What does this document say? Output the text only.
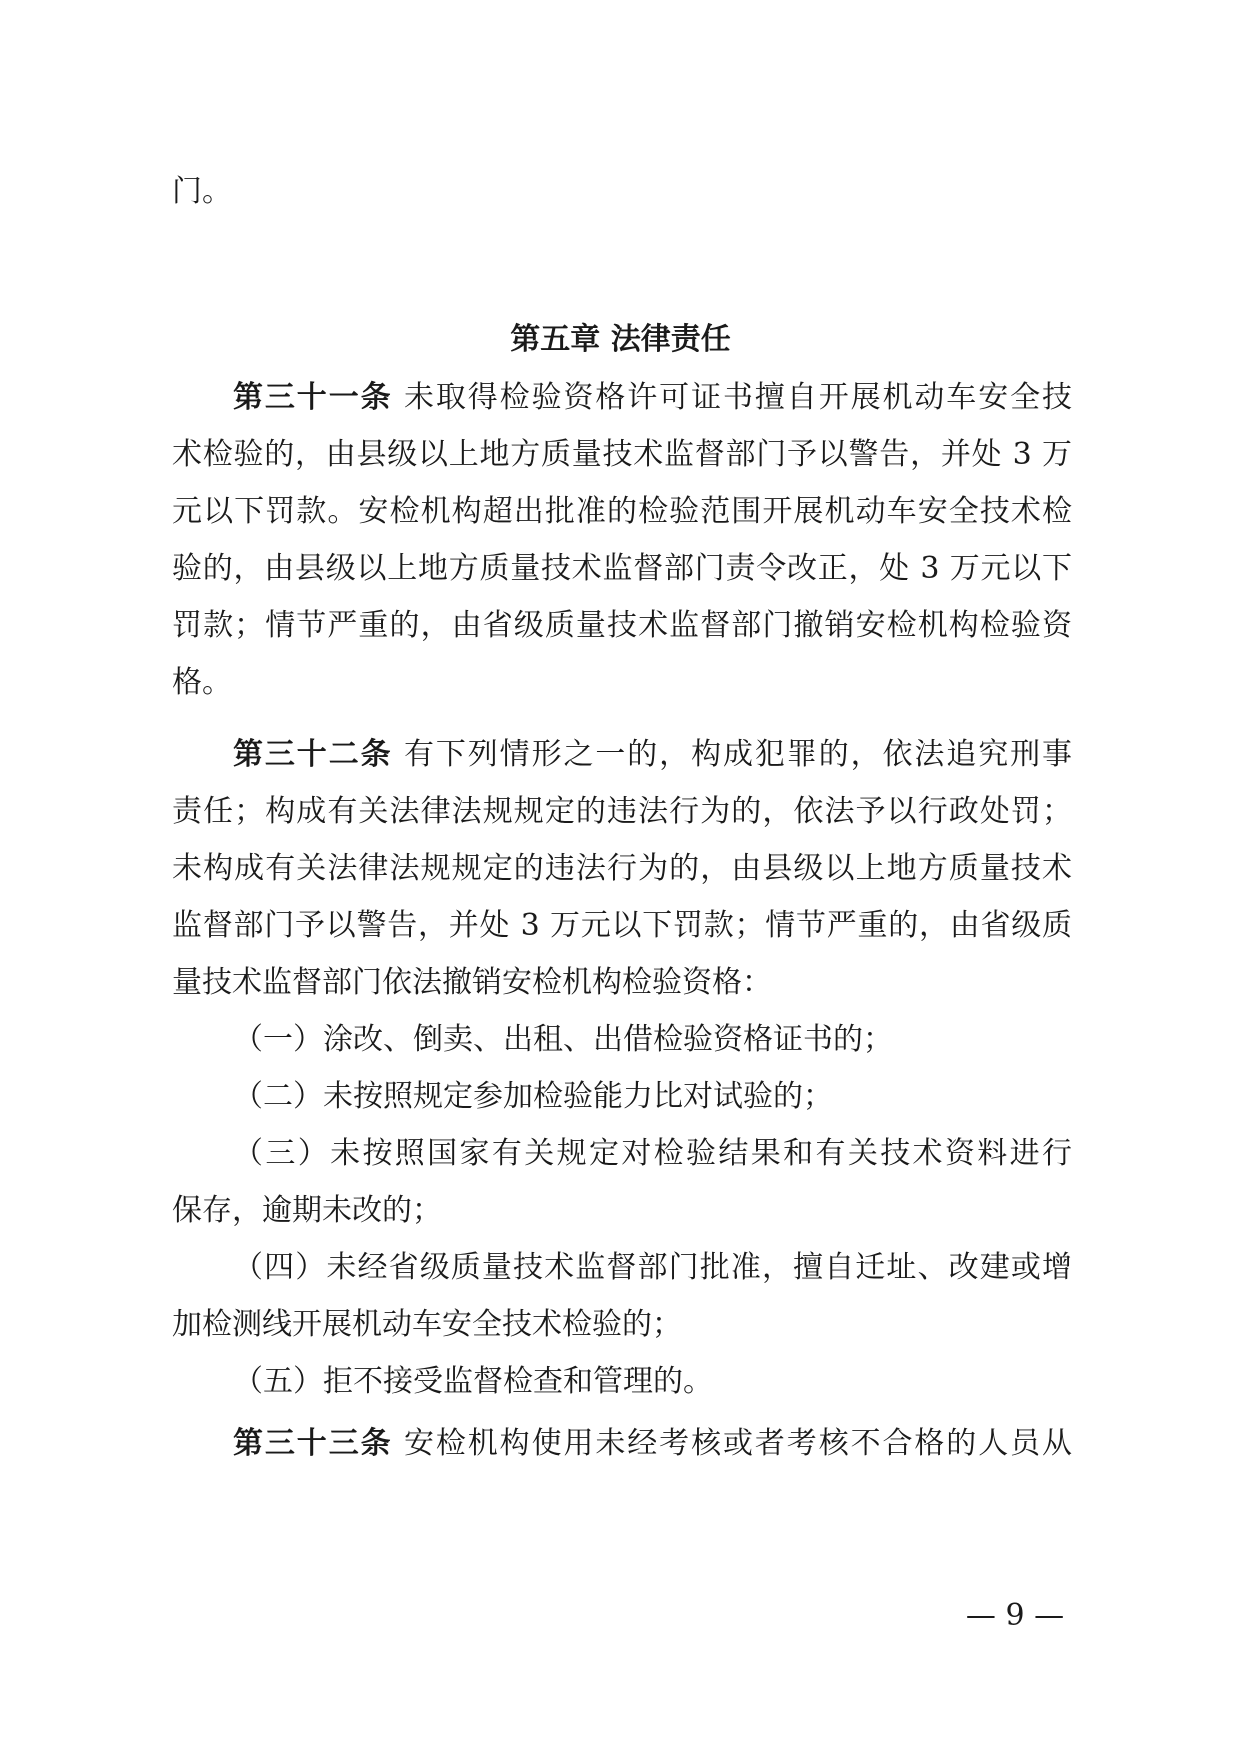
门。
第五章 法律责任
第三十一条 未取得检验资格许可证书擅自开展机动车安全技
术检验的，由县级以上地方质量技术监督部门予以警告，并处 3 万
元以下罚款。安检机构超出批准的检验范围开展机动车安全技术检
验的，由县级以上地方质量技术监督部门责令改正，处 3 万元以下
罚款；情节严重的，由省级质量技术监督部门撤销安检机构检验资
格。
第三十二条 有下列情形之一的，构成犯罪的，依法追究刑事
责任；构成有关法律法规规定的违法行为的，依法予以行政处罚；
未构成有关法律法规规定的违法行为的，由县级以上地方质量技术
监督部门予以警告，并处 3 万元以下罚款；情节严重的，由省级质
量技术监督部门依法撤销安检机构检验资格：
（一）涂改、倒卖、出租、出借检验资格证书的；
（二）未按照规定参加检验能力比对试验的；
（三）未按照国家有关规定对检验结果和有关技术资料进行
保存，逾期未改的；
（四）未经省级质量技术监督部门批准，擅自迁址、改建或增
加检测线开展机动车安全技术检验的；
（五）拒不接受监督检查和管理的。
第三十三条 安检机构使用未经考核或者考核不合格的人员从
— 9 —
